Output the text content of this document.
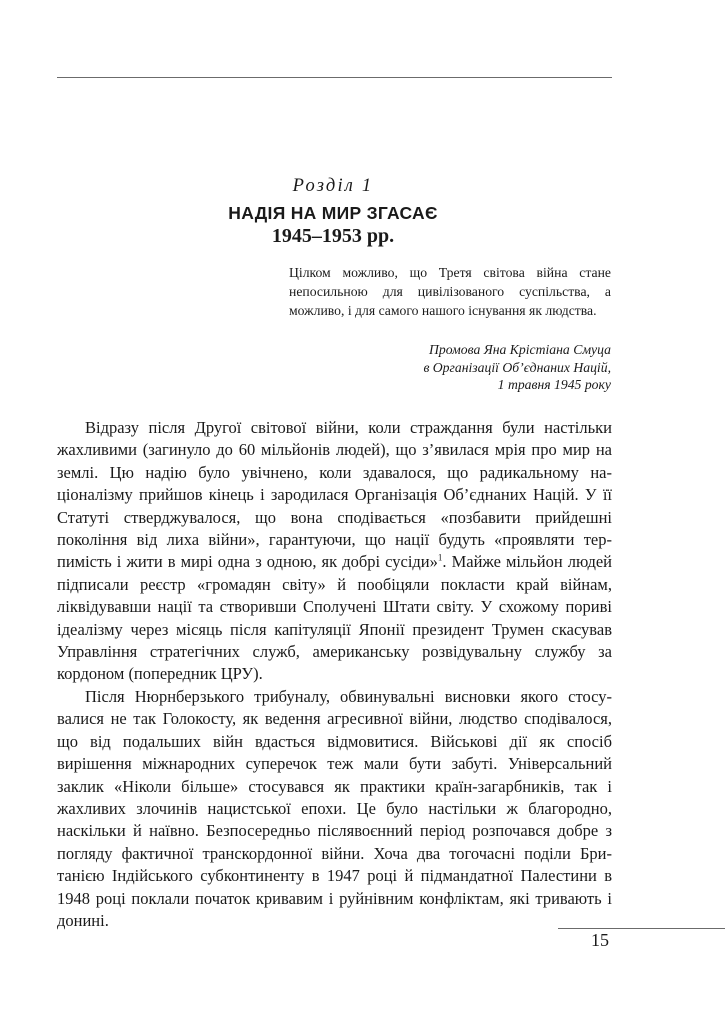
Розділ 1
НАДІЯ НА МИР ЗГАСАЄ
1945–1953 рр.
Цілком можливо, що Третя світова війна стане непосильною для цивілізованого суспільства, а можливо, і для самого нашого існування як людства.
Промова Яна Крістіана Смуца
в Організації Об’єднаних Націй,
1 травня 1945 року

Відразу після Другої світової війни, коли страждання були настільки жахливими (загинуло до 60 мільйонів людей), що з’явилася мрія про мир на землі. Цю надію було увічнено, коли здавалося, що радикальному націоналізму прийшов кінець і зародилася Організація Об’єднаних Націй. У її Статуті стверджувалося, що вона сподівається «позбавити прийдешні покоління від лиха війни», гарантуючи, що нації будуть «проявляти терпимість і жити в мирі одна з одною, як добрі сусіди»$^1$. Майже мільйон людей підписали реєстр «громадян світу» й пообіцяли покласти край війнам, ліквідувавши нації та створивши Сполучені Штати світу. У схожому пориві ідеалізму через місяць після капітуляції Японії президент Трумен скасував Управління стратегічних служб, американську розвідувальну службу за кордоном (попередник ЦРУ).

Після Нюрнберзького трибуналу, обвинувальні висновки якого стосувалися не так Голокосту, як ведення агресивної війни, людство сподівалося, що від подальших війн вдасться відмовитися. Військові дії як спосіб вирішення міжнародних суперечок теж мали бути забуті. Універсальний заклик «Ніколи більше» стосувався як практики країн-загарбників, так і жахливих злочинів нацистської епохи. Це було настільки ж благородно, наскільки й наївно. Безпосередньо післявоєнний період розпочався добре з погляду фактичної транскордонної війни. Хоча два тогочасні поділи Британією Індійського субконтиненту в 1947 році й підмандатної Палестини в 1948 році поклали початок кривавим і руйнівним конфліктам, які тривають і донині.

15
